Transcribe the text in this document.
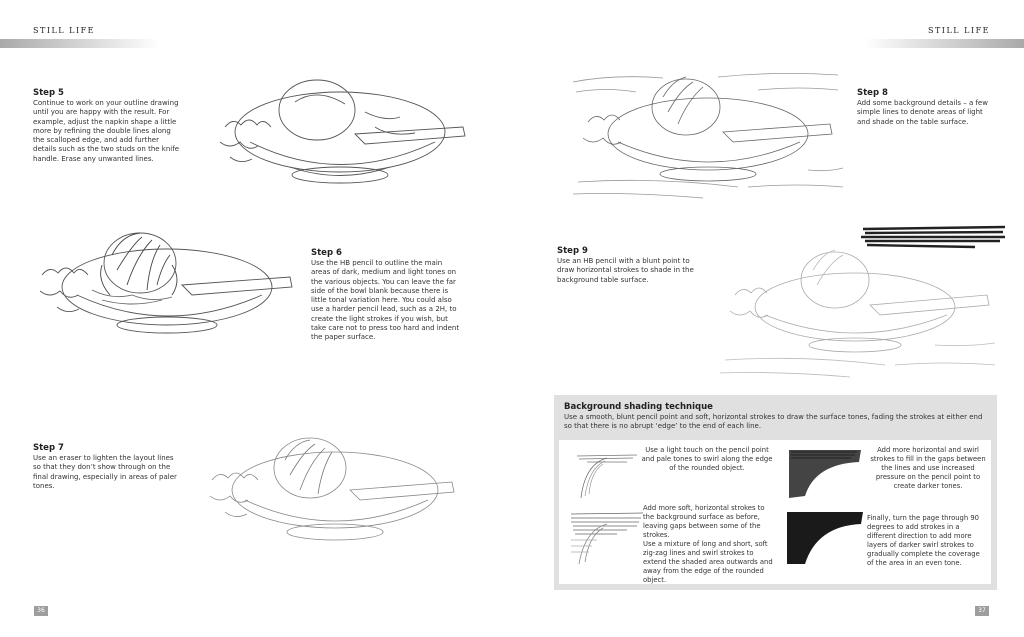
STILL LIFE
Step 5

Continue to work on your outline drawing until you are happy with the result. For example, adjust the napkin shape a little more by refining the double lines along the scalloped edge, and add further details such as the two studs on the knife handle. Erase any unwanted lines.

Step 6

Use the HB pencil to outline the main areas of dark, medium and light tones on the various objects. You can leave the far side of the bowl blank because there is little tonal variation here. You could also use a harder pencil lead, such as a 2H, to create the light strokes if you wish, but take care not to press too hard and indent the paper surface.

Step 7

Use an eraser to lighten the layout lines so that they don’t show through on the final drawing, especially in areas of paler tones.

36
STILL LIFE
Step 8

Add some background details – a few simple lines to denote areas of light and shade on the table surface.

Step 9

Use an HB pencil with a blunt point to draw horizontal strokes to shade in the background table surface.

Background shading technique
Use a smooth, blunt pencil point and soft, horizontal strokes to draw the surface tones, fading the strokes at either end so that there is no abrupt ‘edge’ to the end of each line.
Use a light touch on the pencil point and pale tones to swirl along the edge of the rounded object.
Add more horizontal and swirl strokes to fill in the gaps between the lines and use increased pressure on the pencil point to create darker tones.
Add more soft, horizontal strokes to the background surface as before, leaving gaps between some of the strokes.
Use a mixture of long and short, soft zig-zag lines and swirl strokes to extend the shaded area outwards and away from the edge of the rounded object.
Finally, turn the page through 90 degrees to add strokes in a different direction to add more layers of darker swirl strokes to gradually complete the coverage of the area in an even tone.
37
